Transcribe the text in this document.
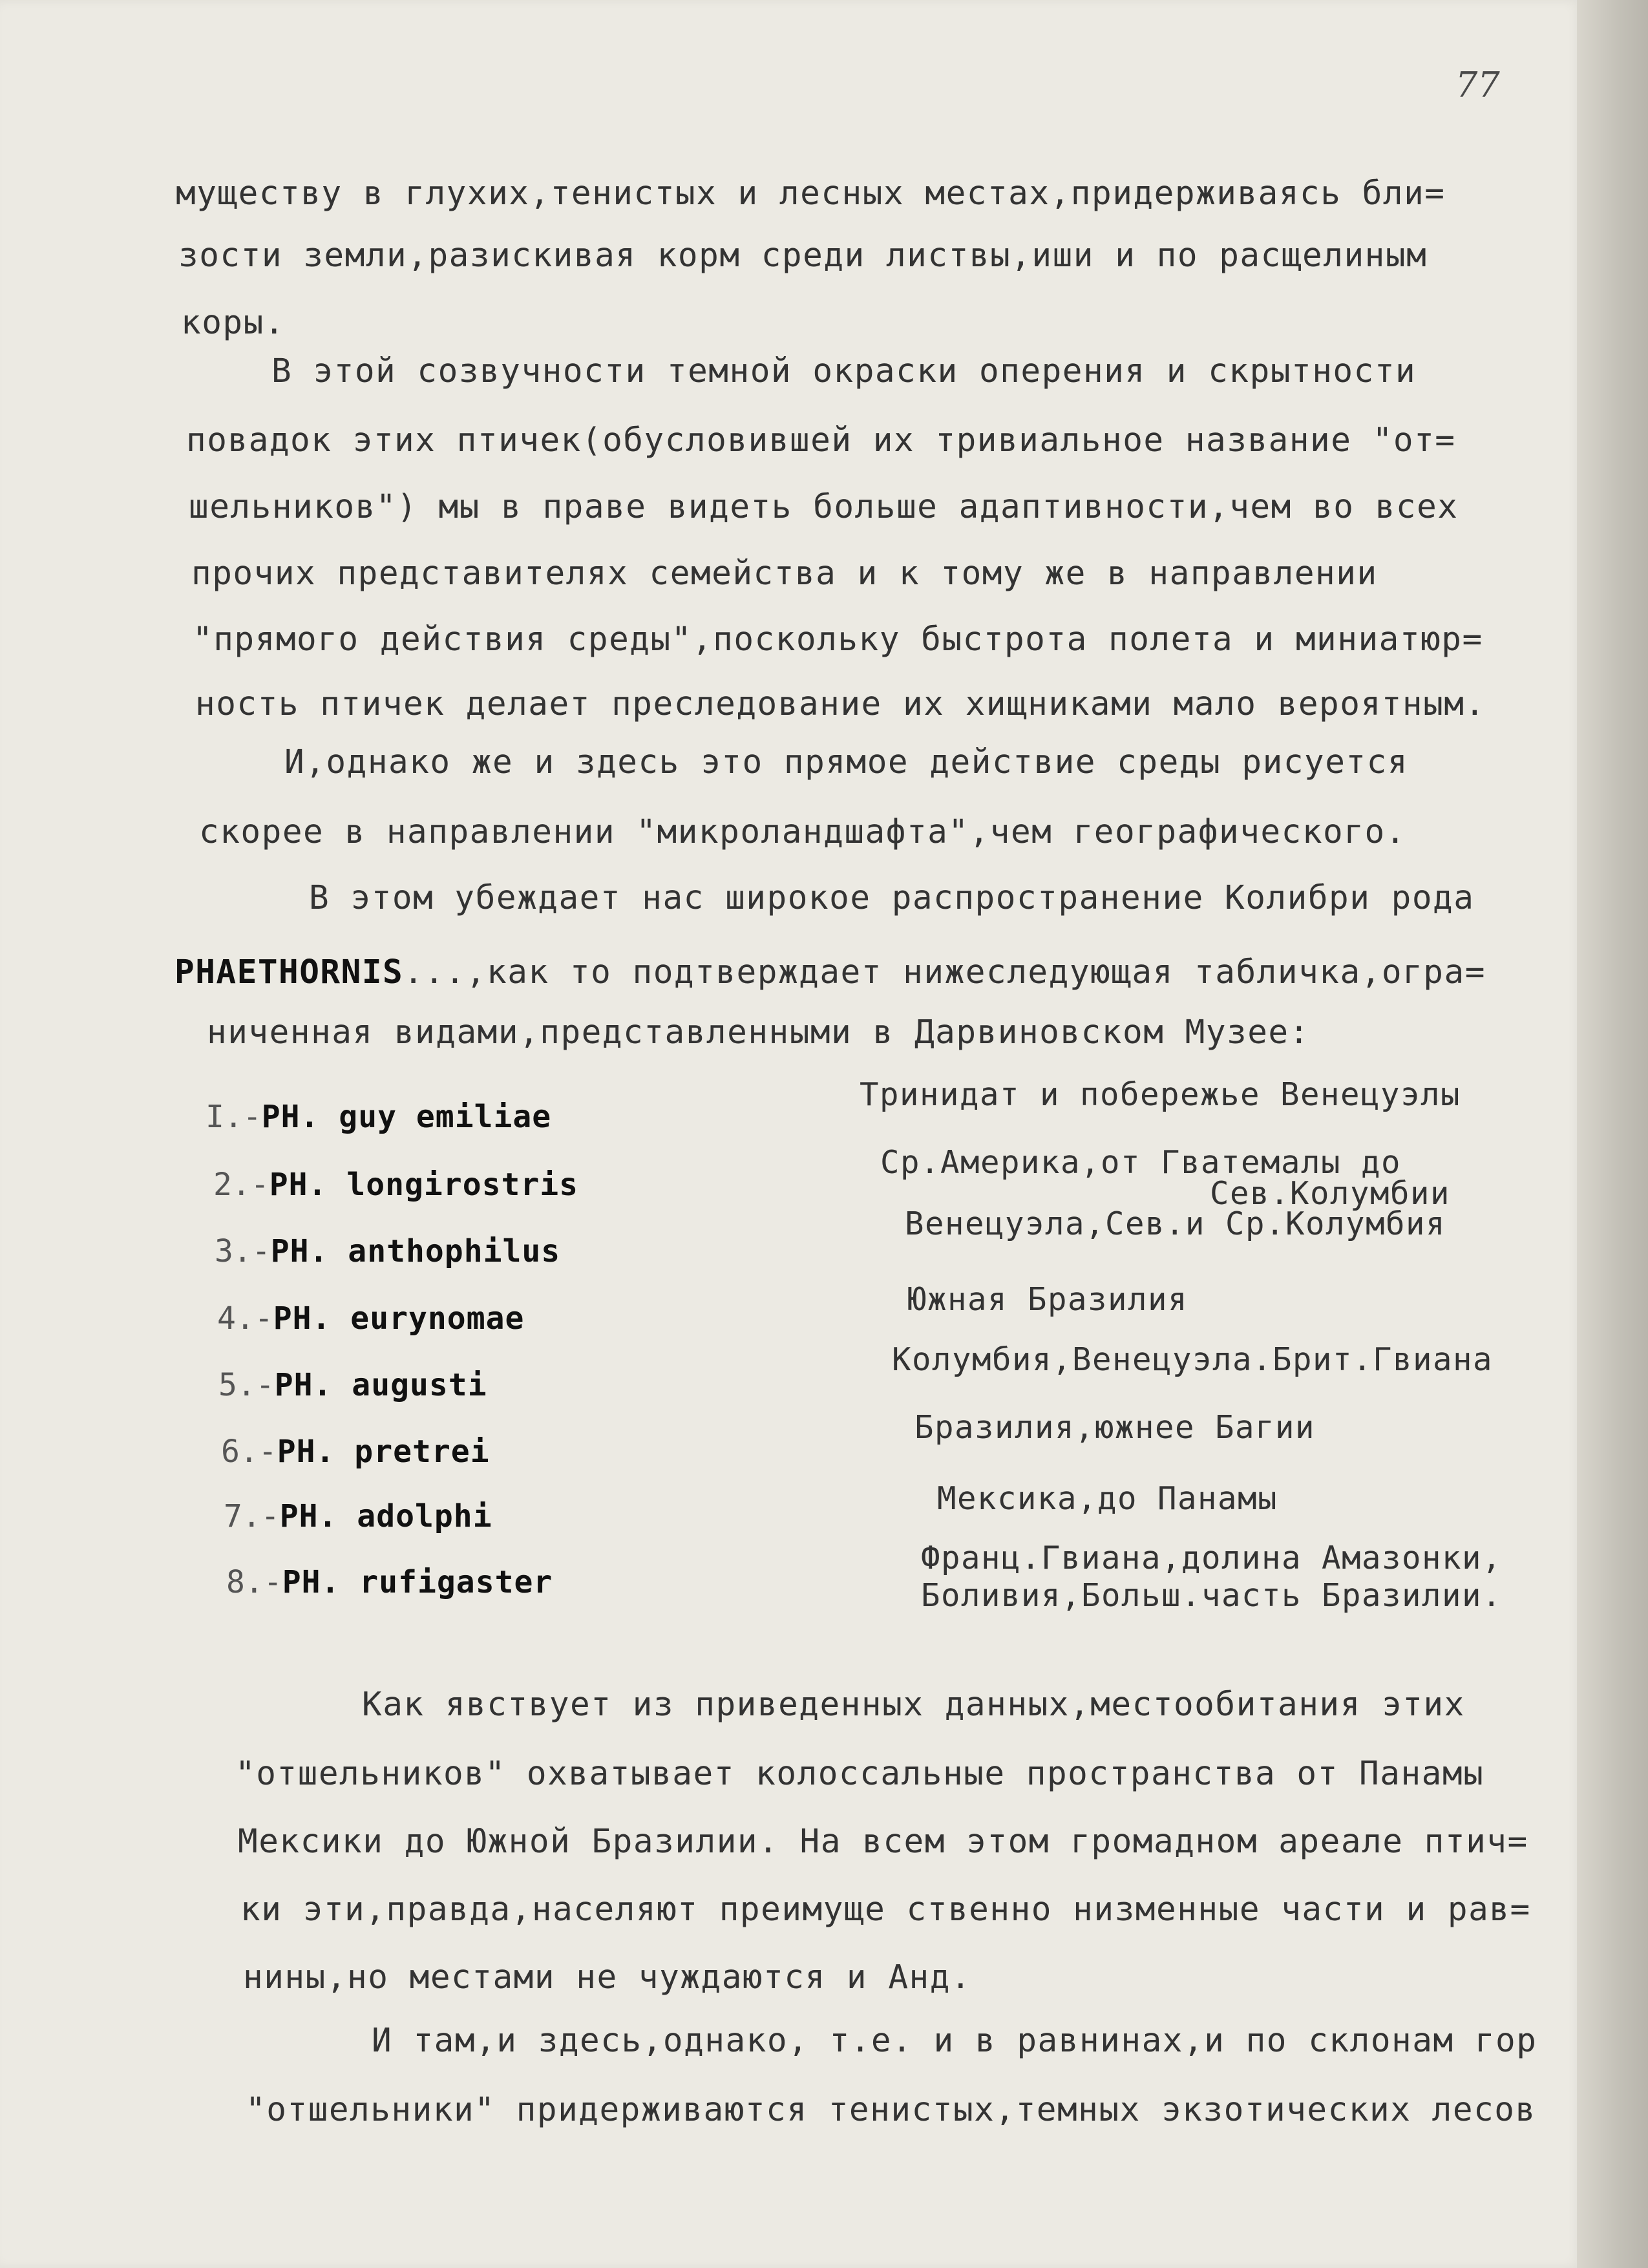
77
муществу в глухих,тенистых и лесных местах,придерживаясь бли=
зости земли,разискивая корм среди листвы,иши и по расщелиным
коры.
В этой созвучности темной окраски оперения и скрытности
повадок этих птичек(обусловившей их тривиальное название "от=
шельников") мы в праве видеть больше адаптивности,чем во всех
прочих представителях семейства и к тому же в направлении
"прямого действия среды",поскольку быстрота полета и миниатюр=
ность птичек делает преследование их хищниками мало вероятным.
И,однако же и здесь это прямое действие среды рисуется
скорее в направлении "микроландшафта",чем географического.
В этом убеждает нас широкое распространение Колибри рода
PHAETHORNIS...,как то подтверждает нижеследующая табличка,огра=
ниченная видами,представленными в Дарвиновском Музее:
I.-PH. guy emiliae
Тринидат и побережье Венецуэлы
2.-PH. longirostris
Ср.Америка,от Гватемалы до
Сев.Колумбии
3.-PH. anthophilus
Венецуэла,Сев.и Ср.Колумбия
4.-PH. eurynomae
Южная Бразилия
5.-PH. augusti
Колумбия,Венецуэла.Брит.Гвиана
6.-PH. pretrei
Бразилия,южнее Багии
7.-PH. adolphi	Мексика,до Панамы
8.-PH. rufigaster
Франц.Гвиана,долина Амазонки,
Боливия,Больш.часть Бразилии.
Как явствует из приведенных данных,местообитания этих
"отшельников" охватывает колоссальные пространства от Панамы
Мексики до Южной Бразилии. На всем этом громадном ареале птич=
ки эти,правда,населяют преимуще ственно низменные части и рав=
нины,но местами не чуждаются и Анд.
И там,и здесь,однако, т.е. и в равнинах,и по склонам гор
"отшельники" придерживаются тенистых,темных экзотических лесов
